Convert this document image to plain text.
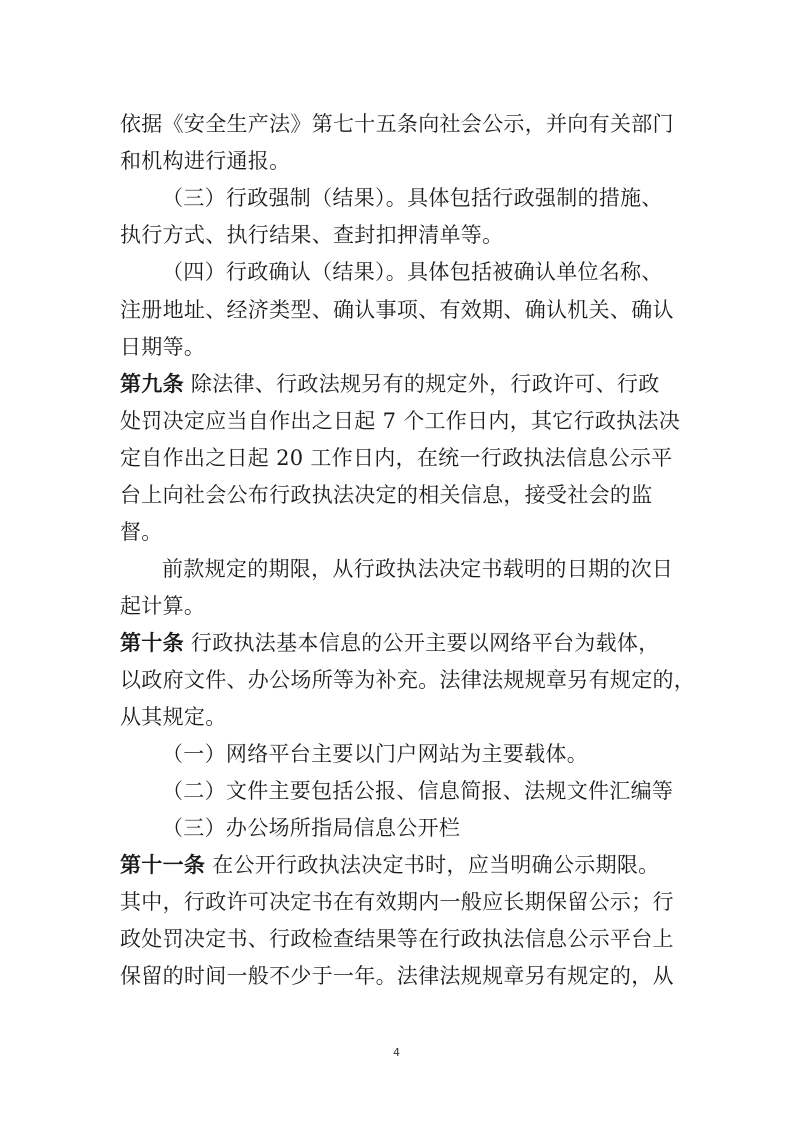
依据《安全生产法》第七十五条向社会公示，并向有关部门
和机构进行通报。
（三）行政强制（结果）。具体包括行政强制的措施、
执行方式、执行结果、查封扣押清单等。
（四）行政确认（结果）。具体包括被确认单位名称、
注册地址、经济类型、确认事项、有效期、确认机关、确认
日期等。
第九条 除法律、行政法规另有的规定外，行政许可、行政
处罚决定应当自作出之日起 7 个工作日内，其它行政执法决
定自作出之日起 20 工作日内，在统一行政执法信息公示平
台上向社会公布行政执法决定的相关信息，接受社会的监
督。
前款规定的期限，从行政执法决定书载明的日期的次日
起计算。
第十条 行政执法基本信息的公开主要以网络平台为载体，
以政府文件、办公场所等为补充。法律法规规章另有规定的，
从其规定。
（一）网络平台主要以门户网站为主要载体。
（二）文件主要包括公报、信息简报、法规文件汇编等
（三）办公场所指局信息公开栏
第十一条 在公开行政执法决定书时，应当明确公示期限。
其中，行政许可决定书在有效期内一般应长期保留公示；行
政处罚决定书、行政检查结果等在行政执法信息公示平台上
保留的时间一般不少于一年。法律法规规章另有规定的，从
4
